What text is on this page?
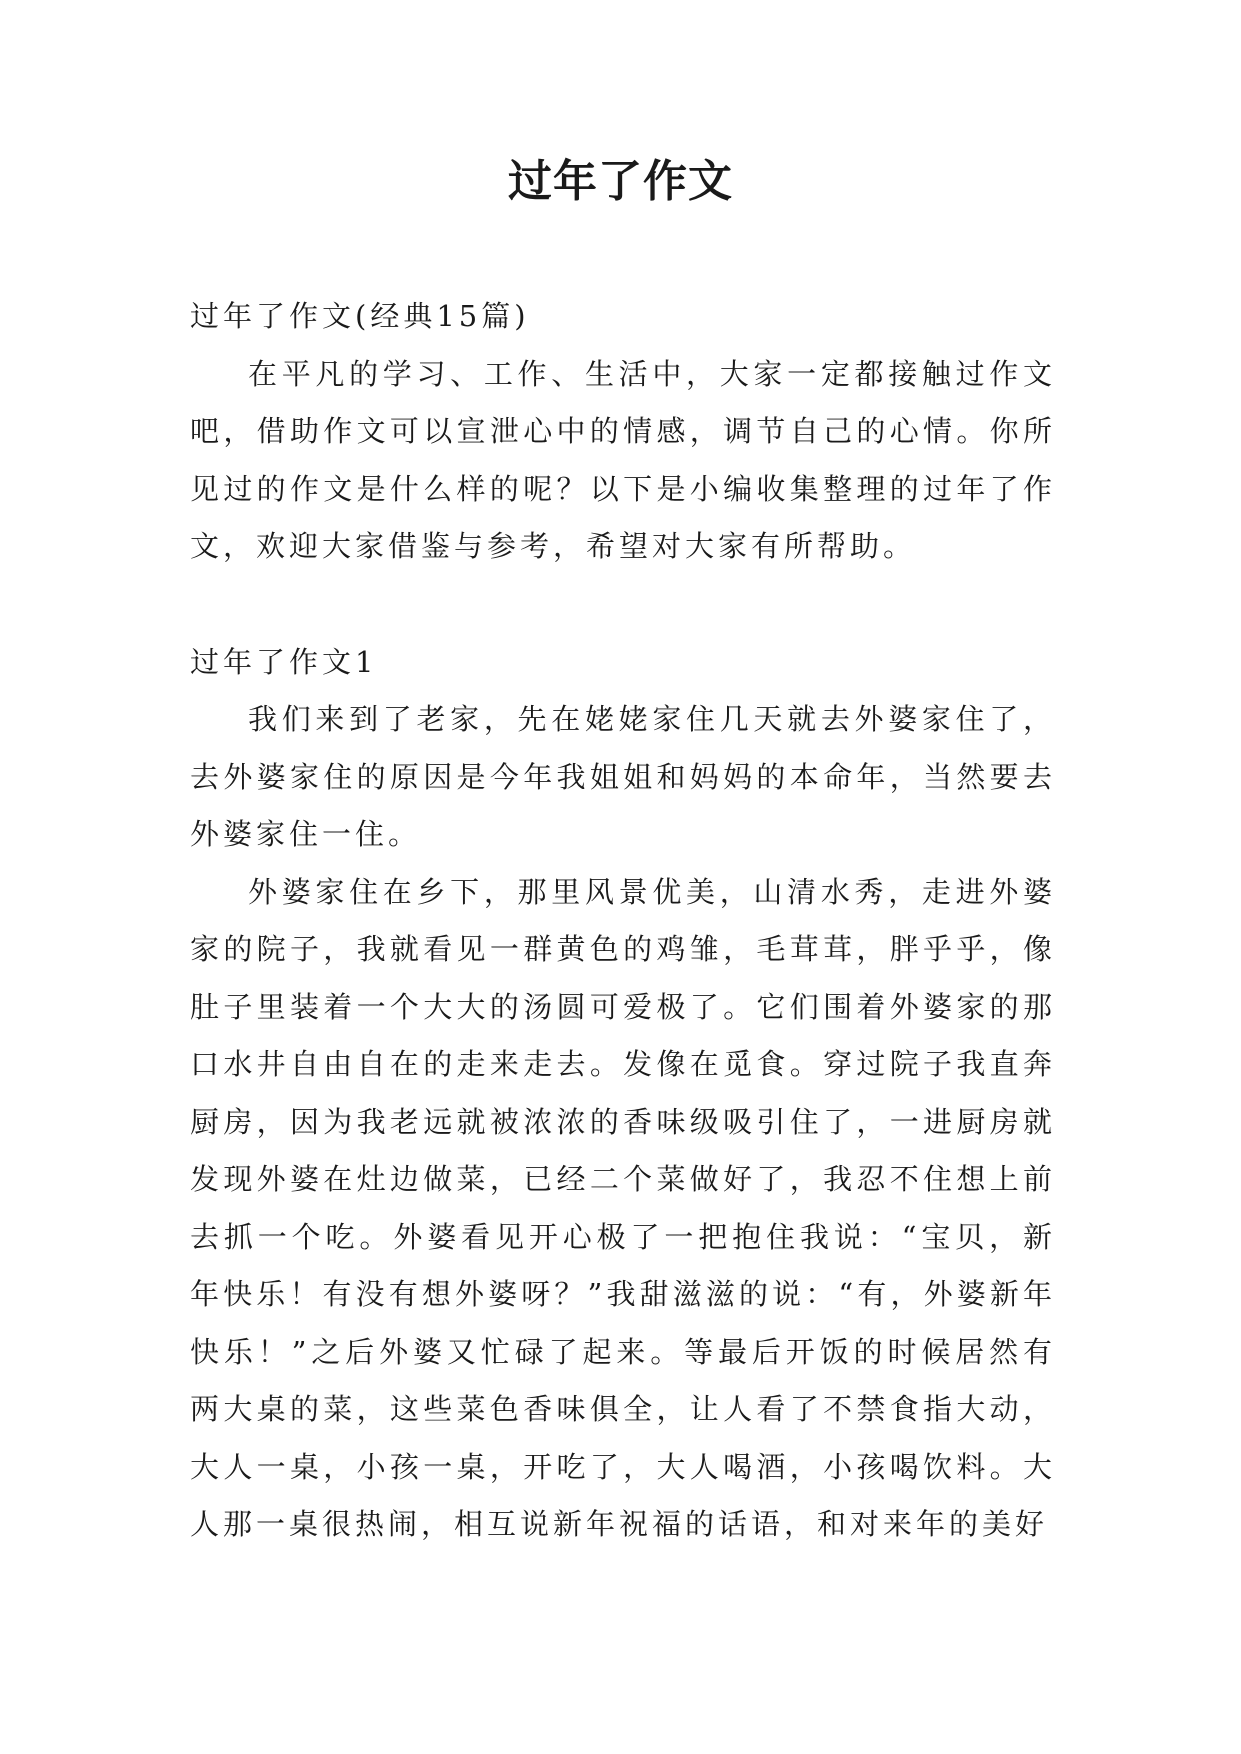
过年了作文

过年了作文(经典15篇)

在平凡的学习、工作、生活中，大家一定都接触过作文吧，借助作文可以宣泄心中的情感，调节自己的心情。你所见过的作文是什么样的呢？以下是小编收集整理的过年了作文，欢迎大家借鉴与参考，希望对大家有所帮助。

过年了作文1

我们来到了老家，先在姥姥家住几天就去外婆家住了，去外婆家住的原因是今年我姐姐和妈妈的本命年，当然要去外婆家住一住。

外婆家住在乡下，那里风景优美，山清水秀，走进外婆家的院子，我就看见一群黄色的鸡雏，毛茸茸，胖乎乎，像肚子里装着一个大大的汤圆可爱极了。它们围着外婆家的那口水井自由自在的走来走去。发像在觅食。穿过院子我直奔厨房，因为我老远就被浓浓的香味级吸引住了，一进厨房就发现外婆在灶边做菜，已经二个菜做好了，我忍不住想上前去抓一个吃。外婆看见开心极了一把抱住我说：“宝贝，新年快乐！有没有想外婆呀？”我甜滋滋的说：“有，外婆新年快乐！”之后外婆又忙碌了起来。等最后开饭的时候居然有两大桌的菜，这些菜色香味俱全，让人看了不禁食指大动，大人一桌，小孩一桌，开吃了，大人喝酒，小孩喝饮料。大人那一桌很热闹，相互说新年祝福的话语，和对来年的美好
